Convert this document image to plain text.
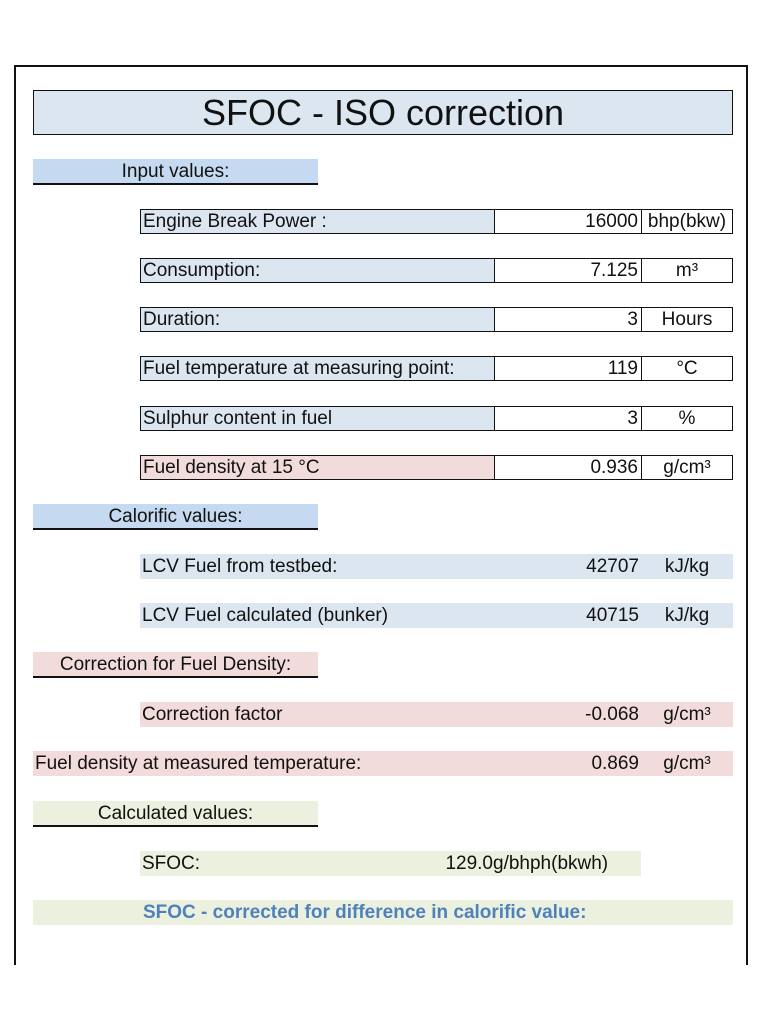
SFOC - ISO correction
Input values:
Engine Break Power :	16000 bhp(bkw)
Consumption:	7.125	m³
Duration:	3	Hours
Fuel temperature at measuring point:	119	°C
Sulphur content in fuel	3	%
Fuel density at 15 °C	0.936	g/cm³
Calorific values:
LCV Fuel from testbed:	42707	kJ/kg
LCV Fuel calculated (bunker)	40715	kJ/kg
Correction for Fuel Density:
Correction factor	-0.068	g/cm³
Fuel density at measured temperature:	0.869	g/cm³
Calculated values:
SFOC:	129.0 g/bhph(bkwh)
SFOC - corrected for difference in calorific value:
